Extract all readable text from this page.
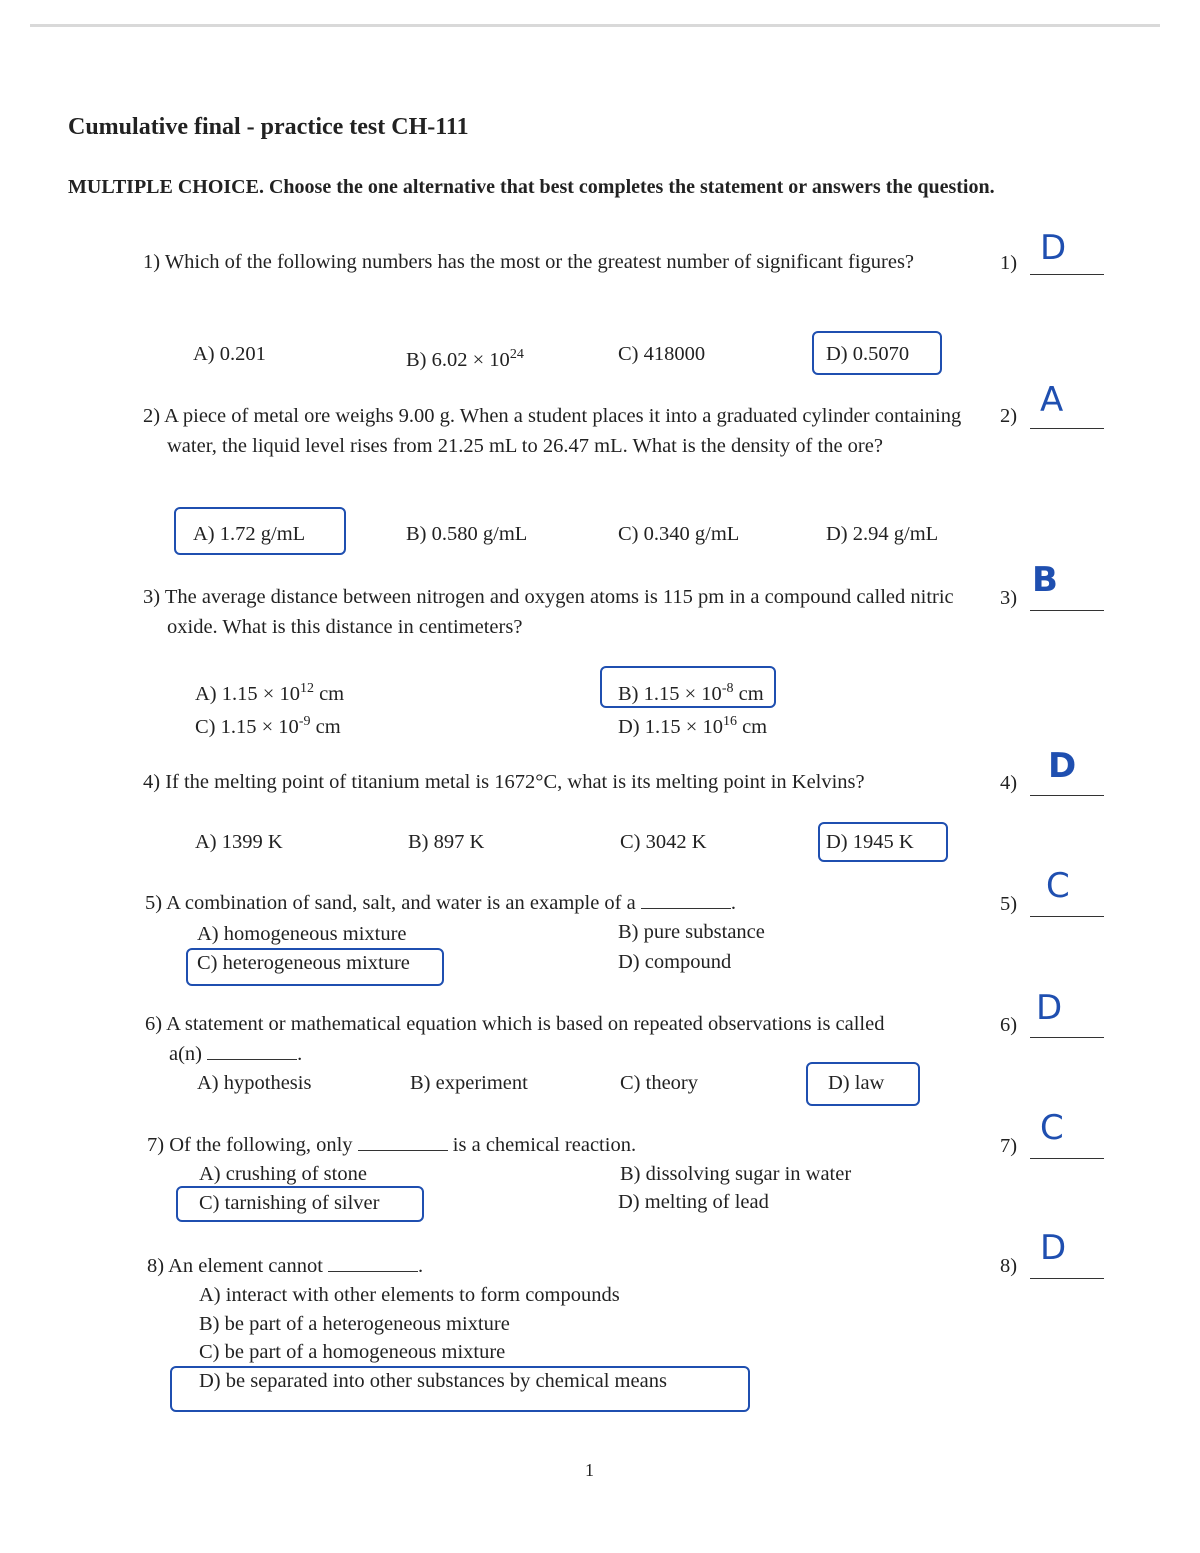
Cumulative final - practice test CH-111
MULTIPLE CHOICE. Choose the one alternative that best completes the statement or answers the question.
1) Which of the following numbers has the most or the greatest number of significant figures?	1) D
A) 0.201	B) $6.02 \times 10^{24}$	C) 418000	D) 0.5070
2) A piece of metal ore weighs 9.00 g. When a student places it into a graduated cylinder containing water, the liquid level rises from 21.25 mL to 26.47 mL. What is the density of the ore?
2) A
A) 1.72 g/mL	B) 0.580 g/mL	C) 0.340 g/mL	D) 2.94 g/mL
3) The average distance between nitrogen and oxygen atoms is 115 pm in a compound called nitric oxide. What is this distance in centimeters?
3) B
A) $1.15 \times 10^{12}$ cm	B) $1.15 \times 10^{-8}$ cm
C) $1.15 \times 10^{-9}$ cm	D) $1.15 \times 10^{16}$ cm
4) If the melting point of titanium metal is 1672°C, what is its melting point in Kelvins?	4) D
A) 1399 K	B) 897 K	C) 3042 K	D) 1945 K
5) A combination of sand, salt, and water is an example of a	.	5) C
A) homogeneous mixture	B) pure substance
C) heterogeneous mixture	D) compound
6) A statement or mathematical equation which is based on repeated observations is called
a(n)	.
6) D
A) hypothesis	B) experiment	C) theory	D) law
7) Of the following, only	is a chemical reaction.	7) C
A) crushing of stone	B) dissolving sugar in water
C) tarnishing of silver	D) melting of lead
8) An element cannot	.	8) D
A) interact with other elements to form compounds
B) be part of a heterogeneous mixture
C) be part of a homogeneous mixture
D) be separated into other substances by chemical means
1
